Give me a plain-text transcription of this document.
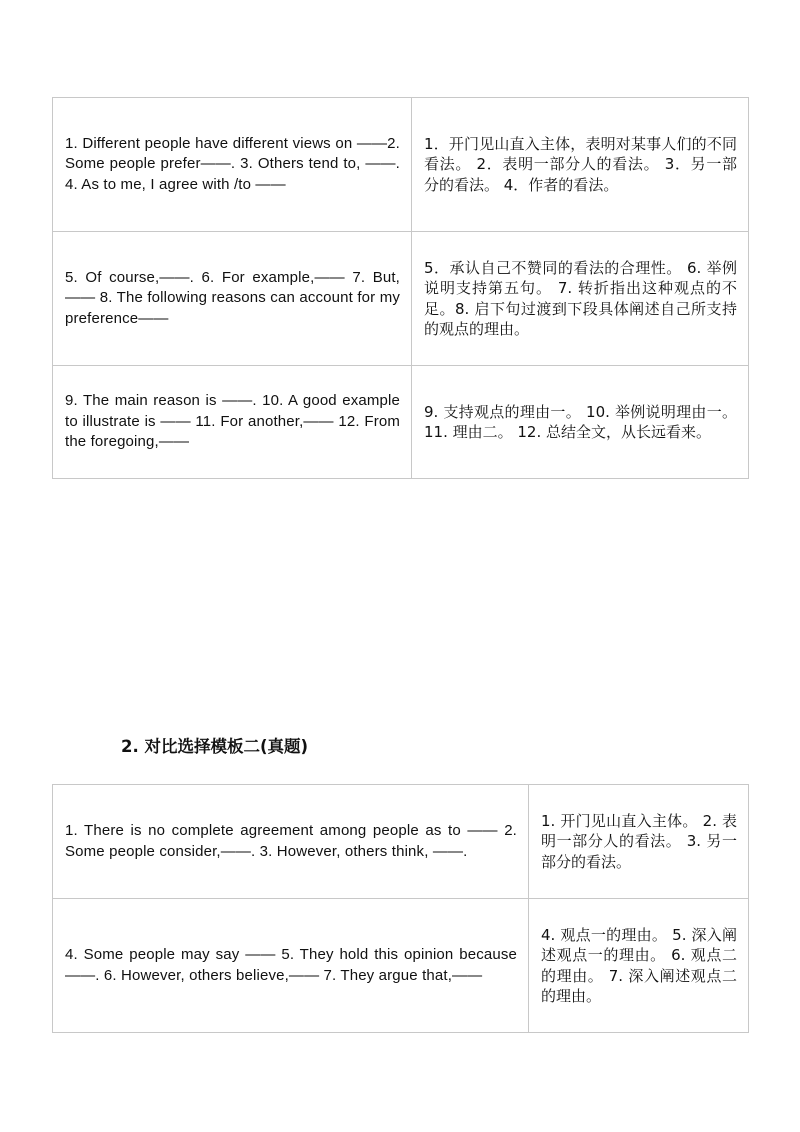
1. Different people have different views on ——2. Some people prefer——. 3. Others tend to, ——. 4. As to me, I agree with /to ——	1．开门见山直入主体，表明对某事人们的不同看法。 2．表明一部分人的看法。 3．另一部分的看法。 4．作者的看法。
5. Of course,——. 6. For example,—— 7. But,—— 8. The following reasons can account for my preference——	5．承认自己不赞同的看法的合理性。 6. 举例说明支持第五句。 7. 转折指出这种观点的不足。8. 启下句过渡到下段具体阐述自己所支持的观点的理由。
9. The main reason is ——. 10. A good example to illustrate is —— 11. For another,—— 12. From the foregoing,——	9. 支持观点的理由一。 10. 举例说明理由一。 11. 理由二。 12. 总结全文，从长远看来。
2. 对比选择模板二(真题)
1. There is no complete agreement among people as to —— 2. Some people consider,——. 3. However, others think, ——.	1. 开门见山直入主体。 2. 表明一部分人的看法。 3. 另一部分的看法。
4. Some people may say —— 5. They hold this opinion because——. 6. However, others believe,—— 7. They argue that,——	4. 观点一的理由。 5. 深入阐述观点一的理由。 6. 观点二的理由。 7. 深入阐述观点二的理由。
